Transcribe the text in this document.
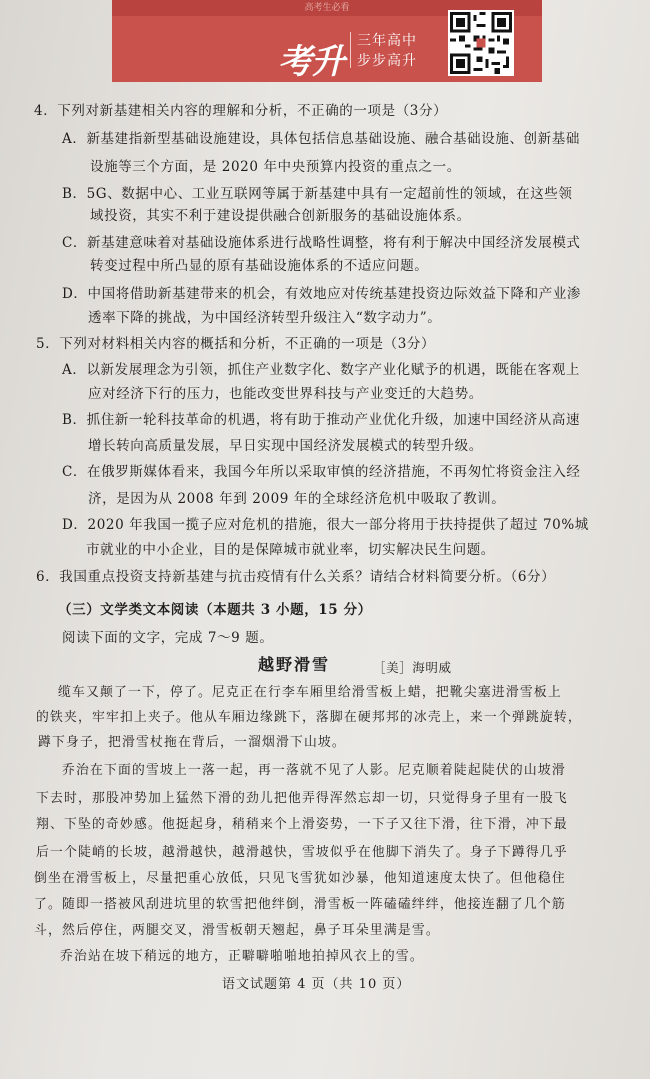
高考生必看
考升
三年高中
步步高升
4．下列对新基建相关内容的理解和分析，不正确的一项是（3分）
A．新基建指新型基础设施建设，具体包括信息基础设施、融合基础设施、创新基础
设施等三个方面，是 2020 年中央预算内投资的重点之一。
B．5G、数据中心、工业互联网等属于新基建中具有一定超前性的领域，在这些领
域投资，其实不利于建设提供融合创新服务的基础设施体系。
C．新基建意味着对基础设施体系进行战略性调整，将有利于解决中国经济发展模式
转变过程中所凸显的原有基础设施体系的不适应问题。
D．中国将借助新基建带来的机会，有效地应对传统基建投资边际效益下降和产业渗
透率下降的挑战，为中国经济转型升级注入“数字动力”。
5．下列对材料相关内容的概括和分析，不正确的一项是（3分）
A．以新发展理念为引领，抓住产业数字化、数字产业化赋予的机遇，既能在客观上
应对经济下行的压力，也能改变世界科技与产业变迁的大趋势。
B．抓住新一轮科技革命的机遇，将有助于推动产业优化升级，加速中国经济从高速
增长转向高质量发展，早日实现中国经济发展模式的转型升级。
C．在俄罗斯媒体看来，我国今年所以采取审慎的经济措施，不再匆忙将资金注入经
济，是因为从 2008 年到 2009 年的全球经济危机中吸取了教训。
D．2020 年我国一揽子应对危机的措施，很大一部分将用于扶持提供了超过 70%城
市就业的中小企业，目的是保障城市就业率，切实解决民生问题。
6．我国重点投资支持新基建与抗击疫情有什么关系？请结合材料简要分析。（6分）
（三）文学类文本阅读（本题共 3 小题，15 分）
阅读下面的文字，完成 7～9 题。
越野滑雪	［美］海明威
缆车又颠了一下，停了。尼克正在行李车厢里给滑雪板上蜡，把靴尖塞进滑雪板上
的铁夹，牢牢扣上夹子。他从车厢边缘跳下，落脚在硬邦邦的冰壳上，来一个弹跳旋转，
蹲下身子，把滑雪杖拖在背后，一溜烟滑下山坡。
乔治在下面的雪坡上一落一起，再一落就不见了人影。尼克顺着陡起陡伏的山坡滑
下去时，那股冲势加上猛然下滑的劲儿把他弄得浑然忘却一切，只觉得身子里有一股飞
翔、下坠的奇妙感。他挺起身，稍稍来个上滑姿势，一下子又往下滑，往下滑，冲下最
后一个陡峭的长坡，越滑越快，越滑越快，雪坡似乎在他脚下消失了。身子下蹲得几乎
倒坐在滑雪板上，尽量把重心放低，只见飞雪犹如沙暴，他知道速度太快了。但他稳住
了。随即一搭被风刮进坑里的软雪把他绊倒，滑雪板一阵磕磕绊绊，他接连翻了几个筋
斗，然后停住，两腿交叉，滑雪板朝天翘起，鼻子耳朵里满是雪。
乔治站在坡下稍远的地方，正噼噼啪啪地拍掉风衣上的雪。
语文试题第 4 页（共 10 页）
